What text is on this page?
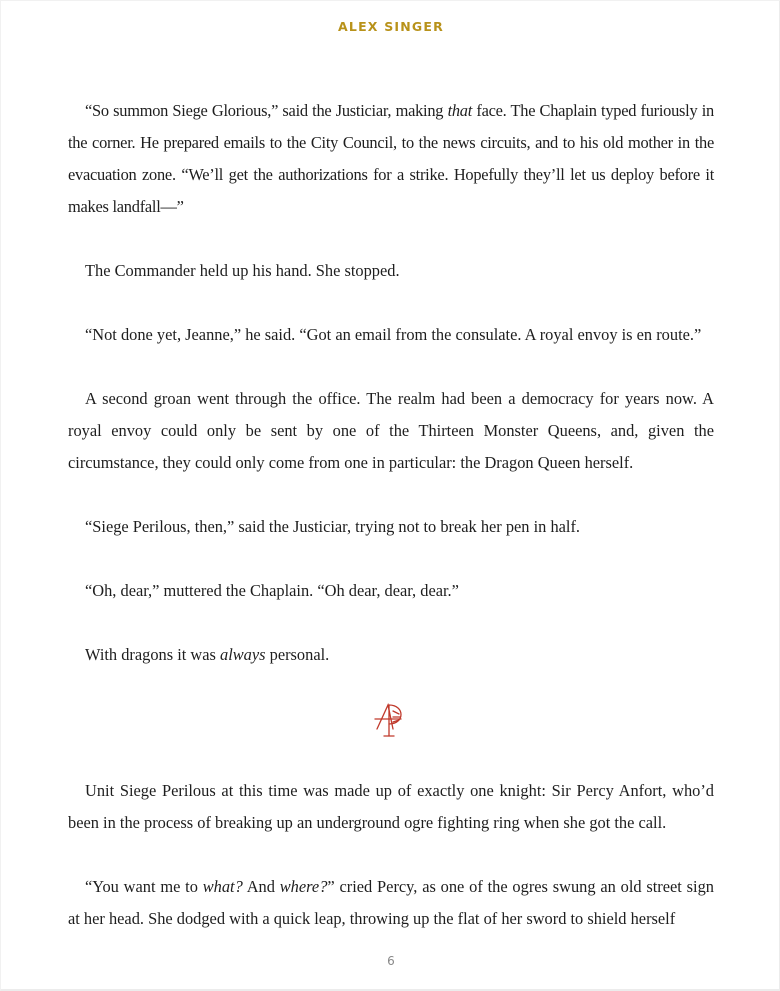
ALEX SINGER

“So summon Siege Glorious,” said the Justiciar, making that face. The Chaplain typed furiously in the corner. He prepared emails to the City Council, to the news circuits, and to his old mother in the evacuation zone. “We’ll get the authorizations for a strike. Hopefully they’ll let us deploy before it makes landfall—”

The Commander held up his hand. She stopped.

“Not done yet, Jeanne,” he said. “Got an email from the consulate. A royal envoy is en route.”

A second groan went through the office. The realm had been a democracy for years now. A royal envoy could only be sent by one of the Thirteen Monster Queens, and, given the circumstance, they could only come from one in particular: the Dragon Queen herself.

“Siege Perilous, then,” said the Justiciar, trying not to break her pen in half.

“Oh, dear,” muttered the Chaplain. “Oh dear, dear, dear.”

With dragons it was always personal.

Unit Siege Perilous at this time was made up of exactly one knight: Sir Percy Anfort, who’d been in the process of breaking up an underground ogre fighting ring when she got the call.

“You want me to what? And where?” cried Percy, as one of the ogres swung an old street sign at her head. She dodged with a quick leap, throwing up the flat of her sword to shield herself

6
